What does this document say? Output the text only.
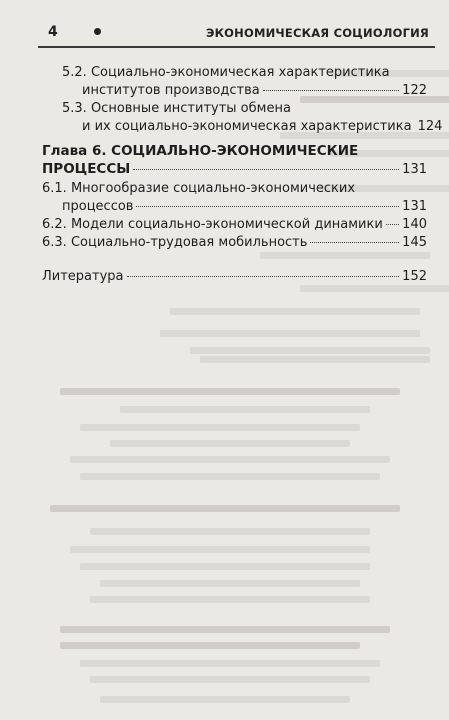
4	ЭКОНОМИЧЕСКАЯ СОЦИОЛОГИЯ
5.2. Социально-экономическая характеристика
институтов производства	122
5.3. Основные институты обмена
и их социально-экономическая характеристика 124
Глава 6. СОЦИАЛЬНО-ЭКОНОМИЧЕСКИЕ
ПРОЦЕССЫ	131
6.1. Многообразие социально-экономических
процессов	131
6.2. Модели социально-экономической динамики 140
6.3. Социально-трудовая мобильность	145
Литература	152
